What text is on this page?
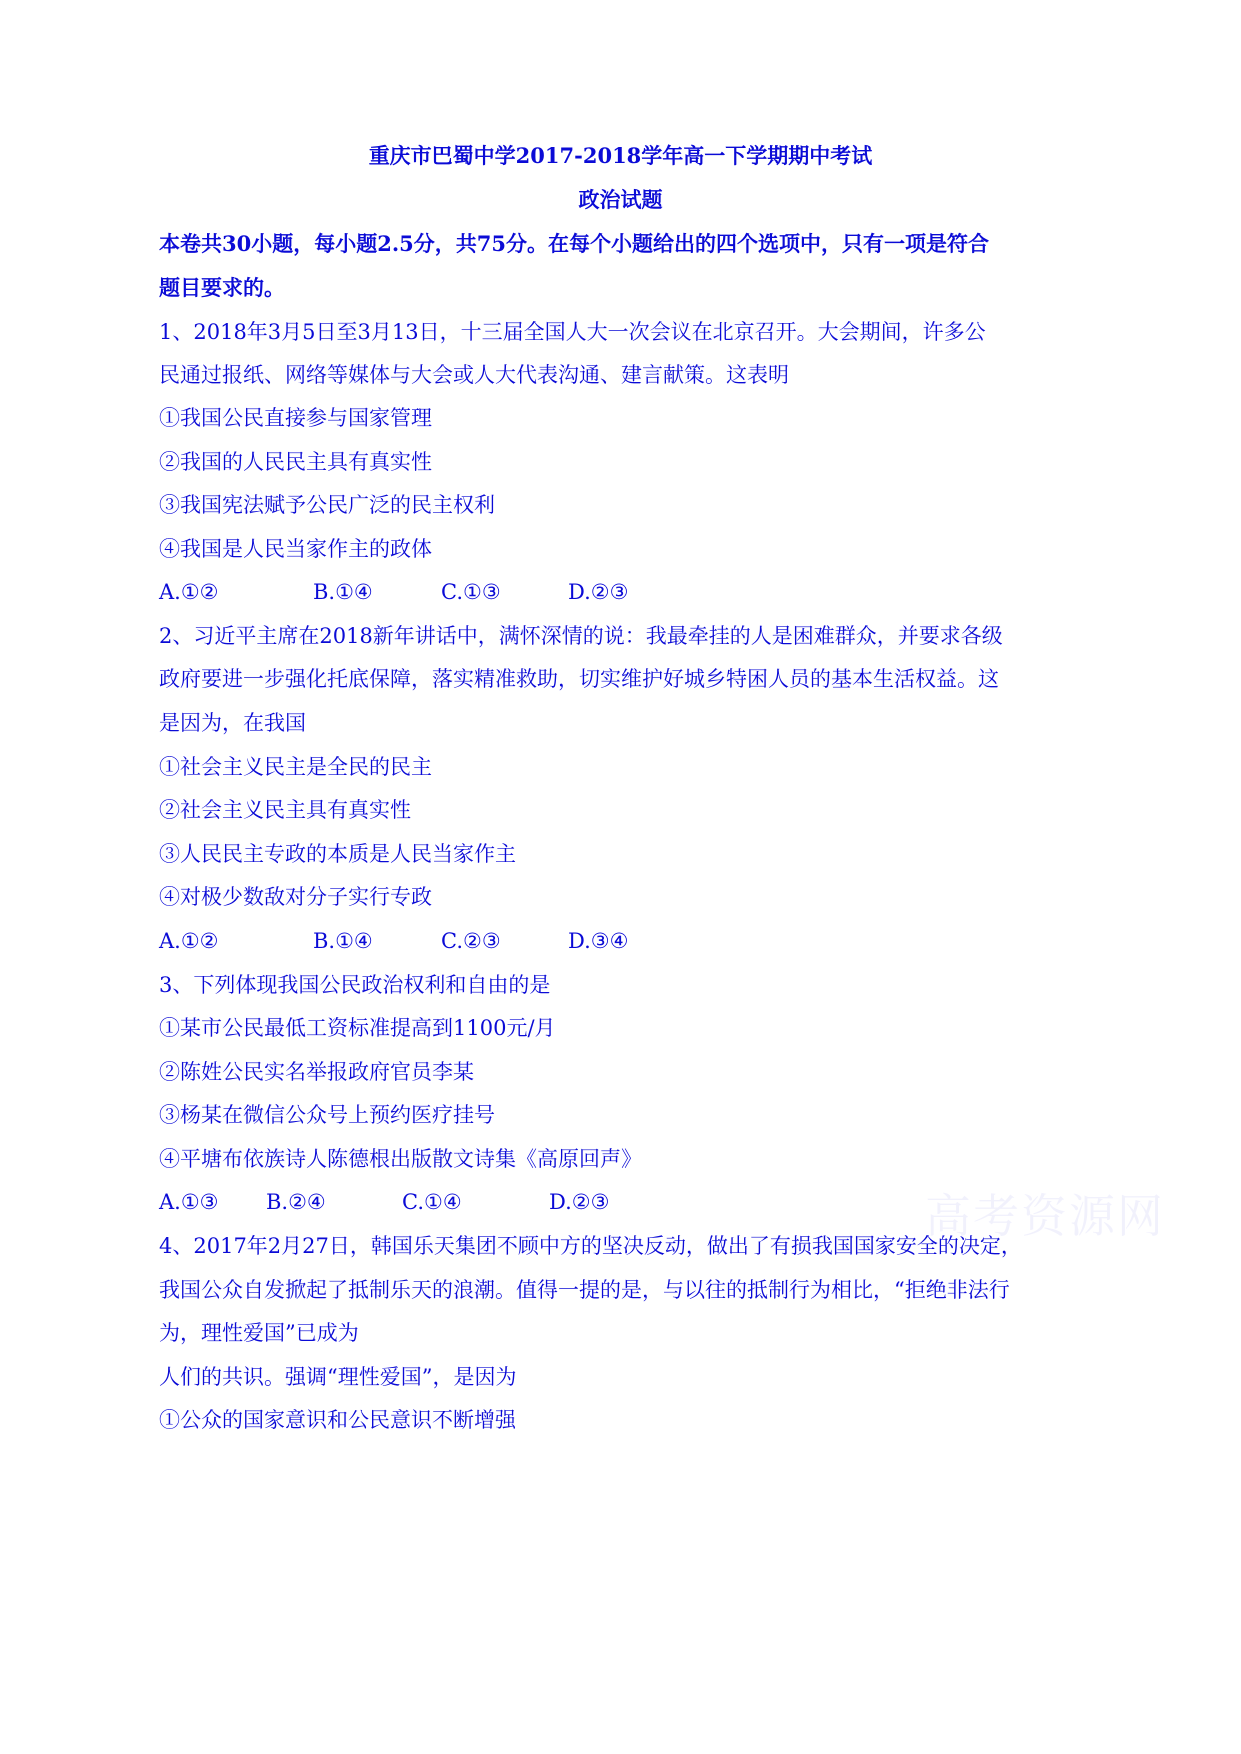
重庆市巴蜀中学2017-2018学年高一下学期期中考试
政治试题
本卷共30小题，每小题2.5分，共75分。在每个小题给出的四个选项中，只有一项是符合
题目要求的。
1、2018年3月5日至3月13日，十三届全国人大一次会议在北京召开。大会期间，许多公
民通过报纸、网络等媒体与大会或人大代表沟通、建言献策。这表明
①我国公民直接参与国家管理
②我国的人民民主具有真实性
③我国宪法赋予公民广泛的民主权利
④我国是人民当家作主的政体
A.①②	B.①④	C.①③	D.②③
2、习近平主席在2018新年讲话中，满怀深情的说：我最牵挂的人是困难群众，并要求各级
政府要进一步强化托底保障，落实精准救助，切实维护好城乡特困人员的基本生活权益。这
是因为，在我国
①社会主义民主是全民的民主
②社会主义民主具有真实性
③人民民主专政的本质是人民当家作主
④对极少数敌对分子实行专政
A.①②	B.①④	C.②③	D.③④
3、下列体现我国公民政治权利和自由的是
①某市公民最低工资标准提高到1100元/月
②陈姓公民实名举报政府官员李某
③杨某在微信公众号上预约医疗挂号
④平塘布依族诗人陈德根出版散文诗集《高原回声》
A.①③ B.②④	C.①④	D.②③
4、2017年2月27日，韩国乐天集团不顾中方的坚决反动，做出了有损我国国家安全的决定，
我国公众自发掀起了抵制乐天的浪潮。值得一提的是，与以往的抵制行为相比，“拒绝非法行
为，理性爱国”已成为
人们的共识。强调“理性爱国”，是因为
①公众的国家意识和公民意识不断增强
高考资源网
